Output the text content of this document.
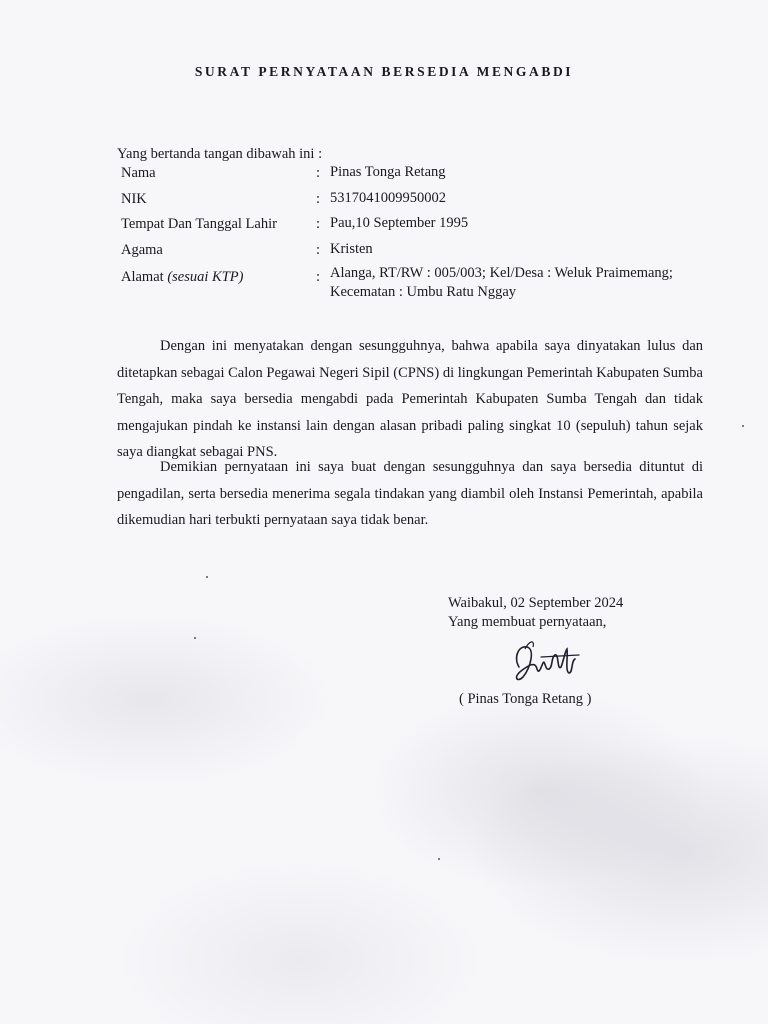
SURAT PERNYATAAN BERSEDIA MENGABDI
Yang bertanda tangan dibawah ini :
Nama	: Pinas Tonga Retang
NIK	: 5317041009950002
Tempat Dan Tanggal Lahir	: Pau,10 September 1995
Agama	: Kristen
Alamat (sesuai KTP)	: Alanga, RT/RW : 005/003; Kel/Desa : Weluk Praimemang;
Kecematan : Umbu Ratu Nggay
Dengan ini menyatakan dengan sesungguhnya, bahwa apabila saya dinyatakan lulus dan ditetapkan sebagai Calon Pegawai Negeri Sipil (CPNS) di lingkungan Pemerintah Kabupaten Sumba Tengah, maka saya bersedia mengabdi pada Pemerintah Kabupaten Sumba Tengah dan tidak mengajukan pindah ke instansi lain dengan alasan pribadi paling singkat 10 (sepuluh) tahun sejak saya diangkat sebagai PNS.
Demikian pernyataan ini saya buat dengan sesungguhnya dan saya bersedia dituntut di pengadilan, serta bersedia menerima segala tindakan yang diambil oleh Instansi Pemerintah, apabila dikemudian hari terbukti pernyataan saya tidak benar.
Waibakul, 02 September 2024
Yang membuat pernyataan,
( Pinas Tonga Retang )
